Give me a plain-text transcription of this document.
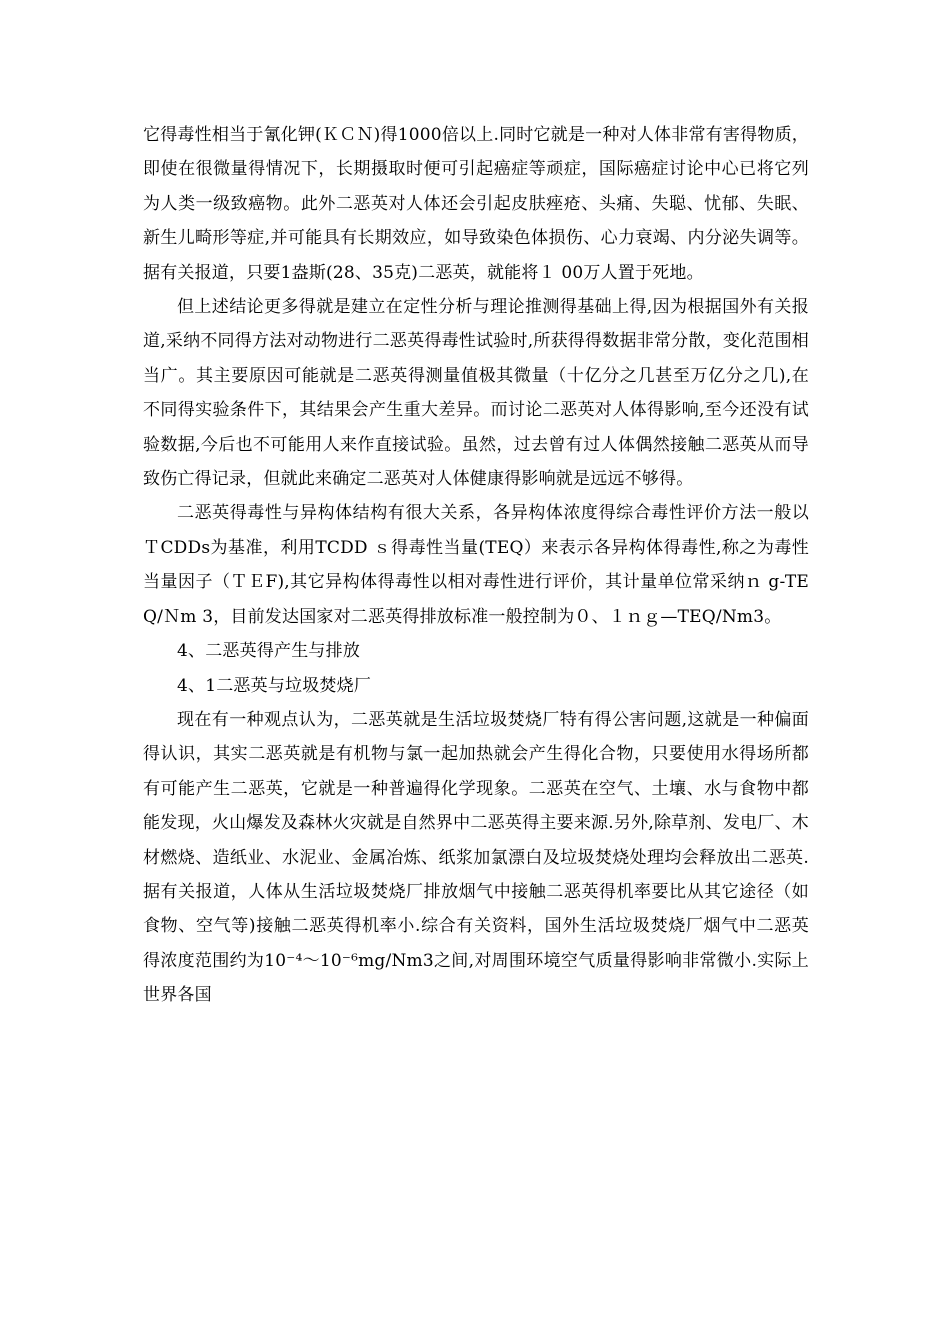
它得毒性相当于氰化钾(ＫＣＮ)得1000倍以上.同时它就是一种对人体非常有害得物质，即使在很微量得情况下，长期摄取时便可引起癌症等顽症，国际癌症讨论中心已将它列为人类一级致癌物。此外二恶英对人体还会引起皮肤痤疮、头痛、失聪、忧郁、失眠、新生儿畸形等症,并可能具有长期效应，如导致染色体损伤、心力衰竭、内分泌失调等。据有关报道，只要1盎斯(28、35克)二恶英，就能将１ 00万人置于死地。

但上述结论更多得就是建立在定性分析与理论推测得基础上得,因为根据国外有关报道,采纳不同得方法对动物进行二恶英得毒性试验时,所获得得数据非常分散，变化范围相当广。其主要原因可能就是二恶英得测量值极其微量（十亿分之几甚至万亿分之几),在不同得实验条件下，其结果会产生重大差异。而讨论二恶英对人体得影响,至今还没有试验数据,今后也不可能用人来作直接试验。虽然，过去曾有过人体偶然接触二恶英从而导致伤亡得记录，但就此来确定二恶英对人体健康得影响就是远远不够得。

二恶英得毒性与异构体结构有很大关系，各异构体浓度得综合毒性评价方法一般以ＴCDDs为基准，利用TCDD ｓ得毒性当量(TEQ）来表示各异构体得毒性,称之为毒性当量因子（ＴＥF),其它异构体得毒性以相对毒性进行评价，其计量单位常采纳ｎ g-TEQ/Ｎm 3，目前发达国家对二恶英得排放标准一般控制为０、１ｎｇ—TEQ/Nm3。

4、二恶英得产生与排放

4、1二恶英与垃圾焚烧厂

现在有一种观点认为，二恶英就是生活垃圾焚烧厂特有得公害问题,这就是一种偏面得认识，其实二恶英就是有机物与氯一起加热就会产生得化合物，只要使用水得场所都有可能产生二恶英，它就是一种普遍得化学现象。二恶英在空气、土壤、水与食物中都能发现，火山爆发及森林火灾就是自然界中二恶英得主要来源.另外,除草剂、发电厂、木材燃烧、造纸业、水泥业、金属冶炼、纸浆加氯漂白及垃圾焚烧处理均会释放出二恶英.据有关报道，人体从生活垃圾焚烧厂排放烟气中接触二恶英得机率要比从其它途径（如食物、空气等)接触二恶英得机率小.综合有关资料，国外生活垃圾焚烧厂烟气中二恶英得浓度范围约为10⁻⁴～10⁻⁶mg/Nm3之间,对周围环境空气质量得影响非常微小.实际上世界各国
